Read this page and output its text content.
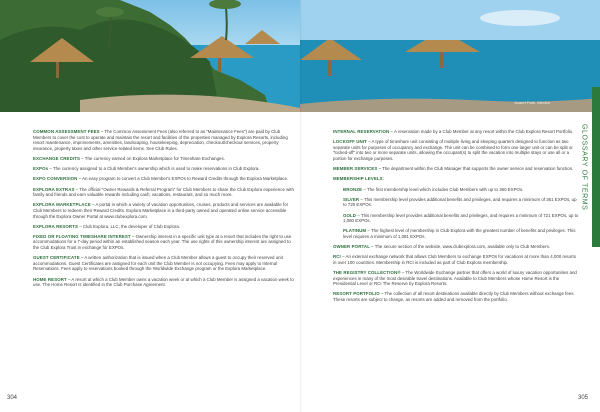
Xcaret Park, Mexico

COMMON ASSESSMENT FEES – The Common Assessment Fees (also referred to as "Maintenance Fees") are paid by Club Members to cover the cost to operate and maintain the resort and facilities of the properties managed by Explora Resorts, including resort maintenance, improvements, amenities, landscaping, housekeeping, depreciation, checkout/checkout services, property insurance, property taxes and other service-related items. See Club Rules.

EXCHANGE CREDITS – The currency earned on Explora Marketplace for Timeshare Exchanges.

EXPOs – The currency assigned to a Club Member's ownership which is used to make reservations in Club Explora.

EXPO CONVERSION – An easy program to convert a Club Member's EXPOs to Reward Credits through the Explora Marketplace.

EXPLORA EXTRAS – The official "Owner Rewards & Referral Program" for Club Members to share the Club Explora experience with family and friends and earn valuable rewards including cash, vacations, restaurant, and so much more.

EXPLORA MARKETPLACE – A portal in which a variety of vacation opportunities, cruises, products and services are available for Club Members to redeem their Reward Credits. Explora Marketplace is a third-party owned and operated online service accessible through the Explora Owner Portal at www.clubexplora.com.

EXPLORA RESORTS – Club Explora, LLC, the developer of Club Explora.

FIXED OR FLOATING TIMESHARE INTEREST – Ownership interest in a specific unit type at a resort that includes the right to use accommodations for a 7-day period within an established season each year. The use rights of this ownership interest are assigned to the Club Explora Trust in exchange for EXPOs.

GUEST CERTIFICATE – A written authorization that is issued when a Club Member allows a guest to occupy their reserved unit accommodations. Guest Certificates are assigned for each unit the Club Member is not occupying. Fees may apply to Internal Reservations. Fees apply to reservations booked through the Worldwide Exchange program or the Explora Marketplace.

HOME RESORT – A resort at which a Club Member owns a vacation week or at which a Club Member is assigned a vacation week to use. The Home Resort is identified in the Club Purchase Agreement.

INTERNAL RESERVATION – A reservation made by a Club Member at any resort within the Club Explora Resort Portfolio.

LOCKOFF UNIT – A type of timeshare unit consisting of multiple living and sleeping quarters designed to function as two separate units for purposes of occupancy and exchange. The unit can be combined to form one larger unit or can be split or "locked-off" into two or more separate units, allowing the occupant(s) to split the vacation into multiple stays or use all or a portion for exchange purposes.

MEMBER SERVICES – The department within the Club Manager that supports the owner service and reservation function.

MEMBERSHIP LEVELS:

BRONZE – The first membership level which includes Club Members with up to 360 EXPOs.

SILVER – This membership level provides additional benefits and privileges, and requires a minimum of 361 EXPOs, up to 720 EXPOs.

GOLD – This membership level provides additional benefits and privileges, and requires a minimum of 721 EXPOs, up to 1,080 EXPOs.

PLATINUM – The highest level of membership in Club Explora with the greatest number of benefits and privileges. This level requires a minimum of 1,081 EXPOs.

OWNER PORTAL – The secure section of the website, www.clubexplora.com, available only to Club Members.

RCI – An external exchange network that allows Club Members to exchange EXPOs for vacations at more than 4,000 resorts in over 100 countries. Membership in RCI is included as part of Club Explora membership.

THE REGISTRY COLLECTION® – The Worldwide Exchange partner that offers a world of luxury vacation opportunities and experiences in many of the most desirable travel destinations. Available to Club Members whose Home Resort is the Presidential Level or RCI The Reserve by Explora Resorts.

RESORT PORTFOLIO – The collection of all resort destinations available directly by Club Members without exchange fees. These resorts are subject to change, as resorts are added and removed from the portfolio.

GLOSSARY OF TERMS
304	305
